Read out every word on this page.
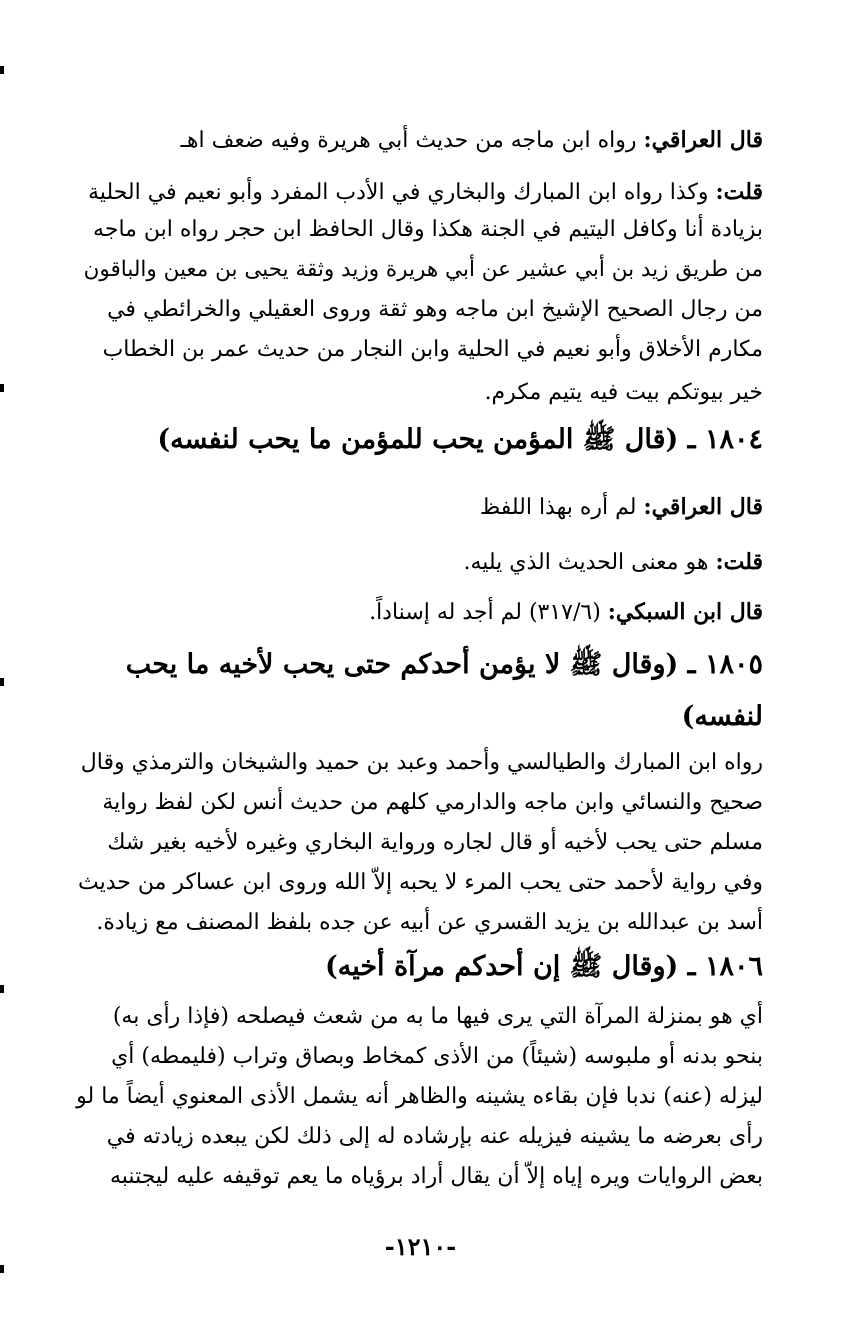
قال العراقي: رواه ابن ماجه من حديث أبي هريرة وفيه ضعف اهـ
قلت: وكذا رواه ابن المبارك والبخاري في الأدب المفرد وأبو نعيم في الحلية
بزيادة أنا وكافل اليتيم في الجنة هكذا وقال الحافظ ابن حجر رواه ابن ماجه
من طريق زيد بن أبي عشير عن أبي هريرة وزيد وثقة يحيى بن معين والباقون
من رجال الصحيح الإشيخ ابن ماجه وهو ثقة وروى العقيلي والخرائطي في
مكارم الأخلاق وأبو نعيم في الحلية وابن النجار من حديث عمر بن الخطاب
خير بيوتكم بيت فيه يتيم مكرم.
١٨٠٤ ـ (قال ﷺ المؤمن يحب للمؤمن ما يحب لنفسه)
قال العراقي: لم أره بهذا اللفظ
قلت: هو معنى الحديث الذي يليه.
قال ابن السبكي: (٣١٧/٦) لم أجد له إسناداً.
١٨٠٥ ـ (وقال ﷺ لا يؤمن أحدكم حتى يحب لأخيه ما يحب
لنفسه)
رواه ابن المبارك والطيالسي وأحمد وعبد بن حميد والشيخان والترمذي وقال
صحيح والنسائي وابن ماجه والدارمي كلهم من حديث أنس لكن لفظ رواية
مسلم حتى يحب لأخيه أو قال لجاره ورواية البخاري وغيره لأخيه بغير شك
وفي رواية لأحمد حتى يحب المرء لا يحبه إلاّ الله وروى ابن عساكر من حديث
أسد بن عبدالله بن يزيد القسري عن أبيه عن جده بلفظ المصنف مع زيادة.
١٨٠٦ ـ (وقال ﷺ إن أحدكم مرآة أخيه)
أي هو بمنزلة المرآة التي يرى فيها ما به من شعث فيصلحه (فإذا رأى به)
بنحو بدنه أو ملبوسه (شيئاً) من الأذى كمخاط وبصاق وتراب (فليمطه) أي
ليزله (عنه) ندبا فإن بقاءه يشينه والظاهر أنه يشمل الأذى المعنوي أيضاً ما لو
رأى بعرضه ما يشينه فيزيله عنه بإرشاده له إلى ذلك لكن يبعده زيادته في
بعض الروايات ويره إياه إلاّ أن يقال أراد برؤياه ما يعم توقيفه عليه ليجتنبه
-١٢١٠-
